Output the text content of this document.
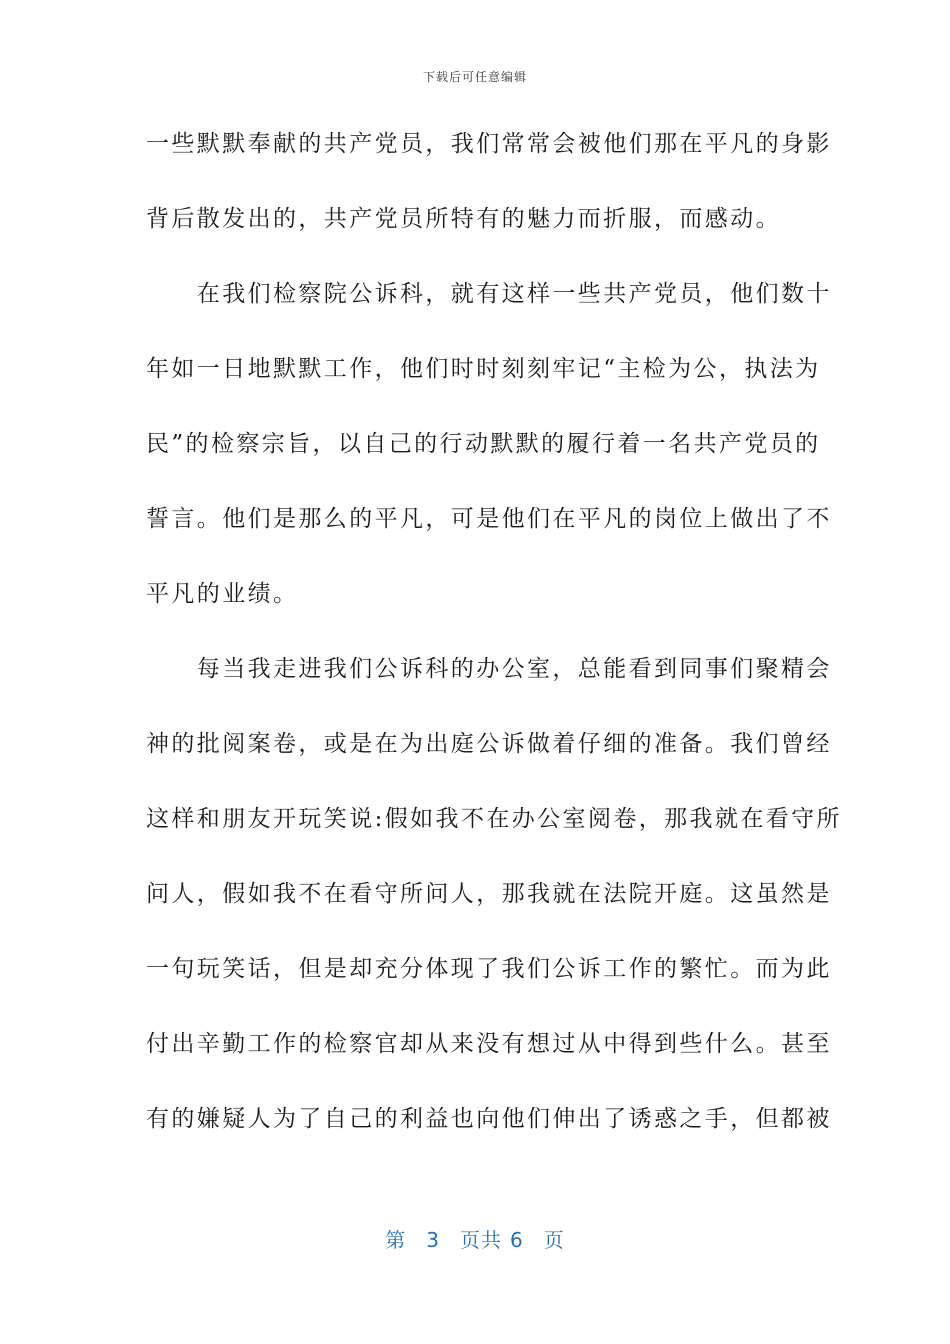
下载后可任意编辑
一些默默奉献的共产党员，我们常常会被他们那在平凡的身影
背后散发出的，共产党员所特有的魅力而折服，而感动。
　　在我们检察院公诉科，就有这样一些共产党员，他们数十
年如一日地默默工作，他们时时刻刻牢记“主检为公，执法为
民”的检察宗旨，以自己的行动默默的履行着一名共产党员的
誓言。他们是那么的平凡，可是他们在平凡的岗位上做出了不
平凡的业绩。
　　每当我走进我们公诉科的办公室，总能看到同事们聚精会
神的批阅案卷，或是在为出庭公诉做着仔细的准备。我们曾经
这样和朋友开玩笑说:假如我不在办公室阅卷，那我就在看守所
问人，假如我不在看守所问人，那我就在法院开庭。这虽然是
一句玩笑话，但是却充分体现了我们公诉工作的繁忙。而为此
付出辛勤工作的检察官却从来没有想过从中得到些什么。甚至
有的嫌疑人为了自己的利益也向他们伸出了诱惑之手，但都被
第 3 页共 6 页
